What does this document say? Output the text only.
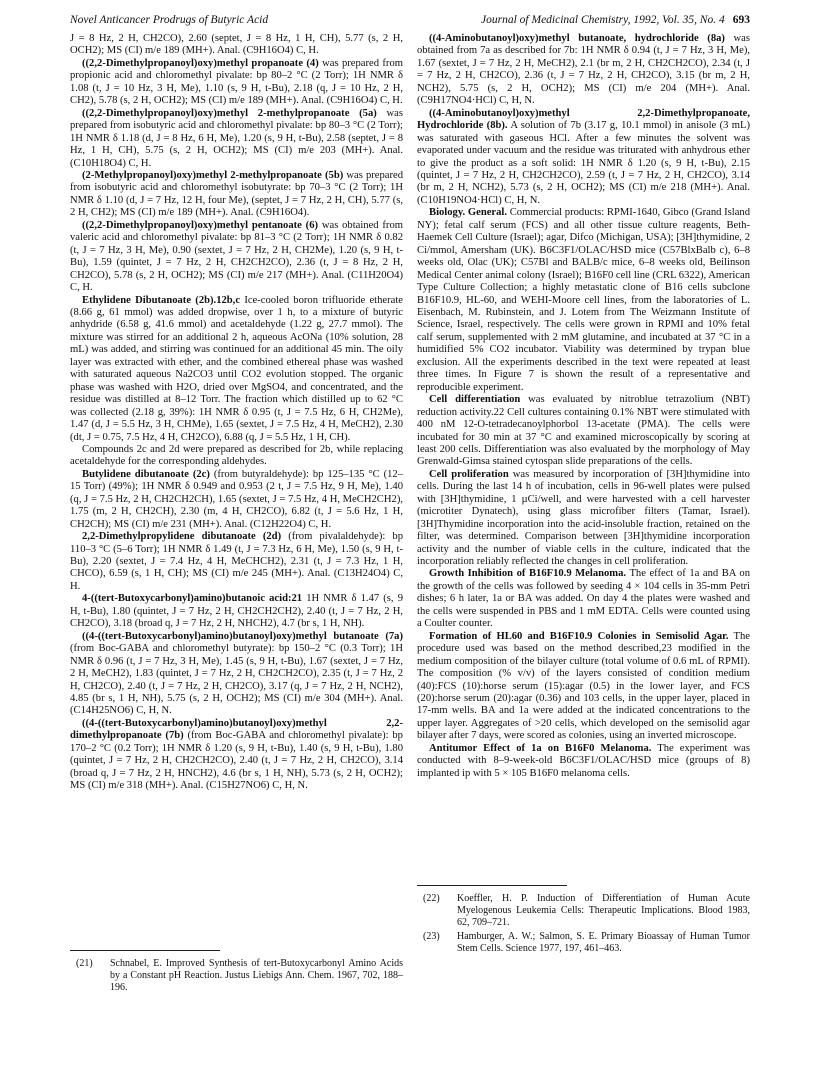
Novel Anticancer Prodrugs of Butyric Acid	Journal of Medicinal Chemistry, 1992, Vol. 35, No. 4 693

J = 8 Hz, 2 H, CH2CO), 2.60 (septet, J = 8 Hz, 1 H, CH), 5.77 (s, 2 H, OCH2); MS (CI) m/e 189 (MH+). Anal. (C9H16O4) C, H.

((2,2-Dimethylpropanoyl)oxy)methyl propanoate (4) was prepared from propionic acid and chloromethyl pivalate: bp 80–2 °C (2 Torr); 1H NMR δ 1.08 (t, J = 10 Hz, 3 H, Me), 1.10 (s, 9 H, t-Bu), 2.18 (q, J = 10 Hz, 2 H, CH2), 5.78 (s, 2 H, OCH2); MS (CI) m/e 189 (MH+). Anal. (C9H16O4) C, H.

((2,2-Dimethylpropanoyl)oxy)methyl 2-methylpropanoate (5a) was prepared from isobutyric acid and chloromethyl pivalate: bp 80–3 °C (2 Torr); 1H NMR δ 1.18 (d, J = 8 Hz, 6 H, Me), 1.20 (s, 9 H, t-Bu), 2.58 (septet, J = 8 Hz, 1 H, CH), 5.75 (s, 2 H, OCH2); MS (CI) m/e 203 (MH+). Anal. (C10H18O4) C, H.

(2-Methylpropanoyl)oxy)methyl 2-methylpropanoate (5b) was prepared from isobutyric acid and chloromethyl isobutyrate: bp 70–3 °C (2 Torr); 1H NMR δ 1.10 (d, J = 7 Hz, 12 H, four Me), (septet, J = 7 Hz, 2 H, CH), 5.77 (s, 2 H, CH2); MS (CI) m/e 189 (MH+). Anal. (C9H16O4).

((2,2-Dimethylpropanoyl)oxy)methyl pentanoate (6) was obtained from valeric acid and chloromethyl pivalate: bp 81–3 °C (2 Torr); 1H NMR δ 0.82 (t, J = 7 Hz, 3 H, Me), 0.90 (sextet, J = 7 Hz, 2 H, CH2Me), 1.20 (s, 9 H, t-Bu), 1.59 (quintet, J = 7 Hz, 2 H, CH2CH2CO), 2.36 (t, J = 8 Hz, 2 H, CH2CO), 5.78 (s, 2 H, OCH2); MS (CI) m/e 217 (MH+). Anal. (C11H20O4) C, H.

Ethylidene Dibutanoate (2b).12b,c Ice-cooled boron trifluoride etherate (8.66 g, 61 mmol) was added dropwise, over 1 h, to a mixture of butyric anhydride (6.58 g, 41.6 mmol) and acetaldehyde (1.22 g, 27.7 mmol). The mixture was stirred for an additional 2 h, aqueous AcONa (10% solution, 28 mL) was added, and stirring was continued for an additional 45 min. The oily layer was extracted with ether, and the combined ethereal phase was washed with saturated aqueous Na2CO3 until CO2 evolution stopped. The organic phase was washed with H2O, dried over MgSO4, and concentrated, and the residue was distilled at 8–12 Torr. The fraction which distilled up to 62 °C was collected (2.18 g, 39%): 1H NMR δ 0.95 (t, J = 7.5 Hz, 6 H, CH2Me), 1.47 (d, J = 5.5 Hz, 3 H, CHMe), 1.65 (sextet, J = 7.5 Hz, 4 H, MeCH2), 2.30 (dt, J = 0.75, 7.5 Hz, 4 H, CH2CO), 6.88 (q, J = 5.5 Hz, 1 H, CH).

Compounds 2c and 2d were prepared as described for 2b, while replacing acetaldehyde for the corresponding aldehydes.

Butylidene dibutanoate (2c) (from butyraldehyde): bp 125–135 °C (12–15 Torr) (49%); 1H NMR δ 0.949 and 0.953 (2 t, J = 7.5 Hz, 9 H, Me), 1.40 (q, J = 7.5 Hz, 2 H, CH2CH2CH), 1.65 (sextet, J = 7.5 Hz, 4 H, MeCH2CH2), 1.75 (m, 2 H, CH2CH), 2.30 (m, 4 H, CH2CO), 6.82 (t, J = 5.6 Hz, 1 H, CH2CH); MS (CI) m/e 231 (MH+). Anal. (C12H22O4) C, H.

2,2-Dimethylpropylidene dibutanoate (2d) (from pivalaldehyde): bp 110–3 °C (5–6 Torr); 1H NMR δ 1.49 (t, J = 7.3 Hz, 6 H, Me), 1.50 (s, 9 H, t-Bu), 2.20 (sextet, J = 7.4 Hz, 4 H, MeCHCH2), 2.31 (t, J = 7.3 Hz, 1 H, CHCO), 6.59 (s, 1 H, CH); MS (CI) m/e 245 (MH+). Anal. (C13H24O4) C, H.

4-((tert-Butoxycarbonyl)amino)butanoic acid:21 1H NMR δ 1.47 (s, 9 H, t-Bu), 1.80 (quintet, J = 7 Hz, 2 H, CH2CH2CH2), 2.40 (t, J = 7 Hz, 2 H, CH2CO), 3.18 (broad q, J = 7 Hz, 2 H, NHCH2), 4.7 (br s, 1 H, NH).

((4-((tert-Butoxycarbonyl)amino)butanoyl)oxy)methyl butanoate (7a) (from Boc-GABA and chloromethyl butyrate): bp 150–2 °C (0.3 Torr); 1H NMR δ 0.96 (t, J = 7 Hz, 3 H, Me), 1.45 (s, 9 H, t-Bu), 1.67 (sextet, J = 7 Hz, 2 H, MeCH2), 1.83 (quintet, J = 7 Hz, 2 H, CH2CH2CO), 2.35 (t, J = 7 Hz, 2 H, CH2CO), 2.40 (t, J = 7 Hz, 2 H, CH2CO), 3.17 (q, J = 7 Hz, 2 H, NCH2), 4.85 (br s, 1 H, NH), 5.75 (s, 2 H, OCH2); MS (CI) m/e 304 (MH+). Anal. (C14H25NO6) C, H, N.

((4-((tert-Butoxycarbonyl)amino)butanoyl)oxy)methyl 2,2-dimethylpropanoate (7b) (from Boc-GABA and chloromethyl pivalate): bp 170–2 °C (0.2 Torr); 1H NMR δ 1.20 (s, 9 H, t-Bu), 1.40 (s, 9 H, t-Bu), 1.80 (quintet, J = 7 Hz, 2 H, CH2CH2CO), 2.40 (t, J = 7 Hz, 2 H, CH2CO), 3.14 (broad q, J = 7 Hz, 2 H, HNCH2), 4.6 (br s, 1 H, NH), 5.73 (s, 2 H, OCH2); MS (CI) m/e 318 (MH+). Anal. (C15H27NO6) C, H, N.

((4-Aminobutanoyl)oxy)methyl butanoate, hydrochloride (8a) was obtained from 7a as described for 7b: 1H NMR δ 0.94 (t, J = 7 Hz, 3 H, Me), 1.67 (sextet, J = 7 Hz, 2 H, MeCH2), 2.1 (br m, 2 H, CH2CH2CO), 2.34 (t, J = 7 Hz, 2 H, CH2CO), 2.36 (t, J = 7 Hz, 2 H, CH2CO), 3.15 (br m, 2 H, NCH2), 5.75 (s, 2 H, OCH2); MS (CI) m/e 204 (MH+). Anal. (C9H17NO4·HCl) C, H, N.

((4-Aminobutanoyl)oxy)methyl 2,2-Dimethylpropanoate, Hydrochloride (8b). A solution of 7b (3.17 g, 10.1 mmol) in anisole (3 mL) was saturated with gaseous HCl. After a few minutes the solvent was evaporated under vacuum and the residue was triturated with anhydrous ether to give the product as a soft solid: 1H NMR δ 1.20 (s, 9 H, t-Bu), 2.15 (quintet, J = 7 Hz, 2 H, CH2CH2CO), 2.59 (t, J = 7 Hz, 2 H, CH2CO), 3.14 (br m, 2 H, NCH2), 5.73 (s, 2 H, OCH2); MS (CI) m/e 218 (MH+). Anal. (C10H19NO4·HCl) C, H, N.

Biology. General. Commercial products: RPMI-1640, Gibco (Grand Island NY); fetal calf serum (FCS) and all other tissue culture reagents, Beth-Haemek Cell Culture (Israel); agar, Difco (Michigan, USA); [3H]thymidine, 2 Ci/mmol, Amersham (UK). B6C3F1/OLAC/HSD mice (C57BlxBalb c), 6–8 weeks old, Olac (UK); C57Bl and BALB/c mice, 6–8 weeks old, Beilinson Medical Center animal colony (Israel); B16F0 cell line (CRL 6322), American Type Culture Collection; a highly metastatic clone of B16 cells subclone B16F10.9, HL-60, and WEHI-Moore cell lines, from the laboratories of L. Eisenbach, M. Rubinstein, and J. Lotem from The Weizmann Institute of Science, Israel, respectively. The cells were grown in RPMI and 10% fetal calf serum, supplemented with 2 mM glutamine, and incubated at 37 °C in a humidified 5% CO2 incubator. Viability was determined by trypan blue exclusion. All the experiments described in the text were repeated at least three times. In Figure 7 is shown the result of a representative and reproducible experiment.

Cell differentiation was evaluated by nitroblue tetrazolium (NBT) reduction activity.22 Cell cultures containing 0.1% NBT were stimulated with 400 nM 12-O-tetradecanoylphorbol 13-acetate (PMA). The cells were incubated for 30 min at 37 °C and examined microscopically by scoring at least 200 cells. Differentiation was also evaluated by the morphology of May Grenwald-Gimsa stained cytospan slide preparations of the cells.

Cell proliferation was measured by incorporation of [3H]thymidine into cells. During the last 14 h of incubation, cells in 96-well plates were pulsed with [3H]thymidine, 1 µCi/well, and were harvested with a cell harvester (microtiter Dynatech), using glass microfiber filters (Tamar, Israel). [3H]Thymidine incorporation into the acid-insoluble fraction, retained on the filter, was determined. Comparison between [3H]thymidine incorporation activity and the number of viable cells in the culture, indicated that the incorporation reliably reflected the changes in cell proliferation.

Growth Inhibition of B16F10.9 Melanoma. The effect of 1a and BA on the growth of the cells was followed by seeding 4 × 104 cells in 35-mm Petri dishes; 6 h later, 1a or BA was added. On day 4 the plates were washed and the cells were suspended in PBS and 1 mM EDTA. Cells were counted using a Coulter counter.

Formation of HL60 and B16F10.9 Colonies in Semisolid Agar. The procedure used was based on the method described,23 modified in the medium composition of the bilayer culture (total volume of 0.6 mL of RPMI). The composition (% v/v) of the layers consisted of condition medium (40):FCS (10):horse serum (15):agar (0.5) in the lower layer, and FCS (20):horse serum (20):agar (0.36) and 103 cells, in the upper layer, placed in 17-mm wells. BA and 1a were added at the indicated concentrations to the upper layer. Aggregates of >20 cells, which developed on the semisolid agar bilayer after 7 days, were scored as colonies, using an inverted microscope.

Antitumor Effect of 1a on B16F0 Melanoma. The experiment was conducted with 8–9-week-old B6C3F1/OLAC/HSD mice (groups of 8) implanted ip with 5 × 105 B16F0 melanoma cells.

(21) Schnabel, E. Improved Synthesis of tert-Butoxycarbonyl Amino Acids by a Constant pH Reaction. Justus Liebigs Ann. Chem. 1967, 702, 188–196.
(22) Koeffler, H. P. Induction of Differentiation of Human Acute Myelogenous Leukemia Cells: Therapeutic Implications. Blood 1983, 62, 709–721.
(23) Hamburger, A. W.; Salmon, S. E. Primary Bioassay of Human Tumor Stem Cells. Science 1977, 197, 461–463.
